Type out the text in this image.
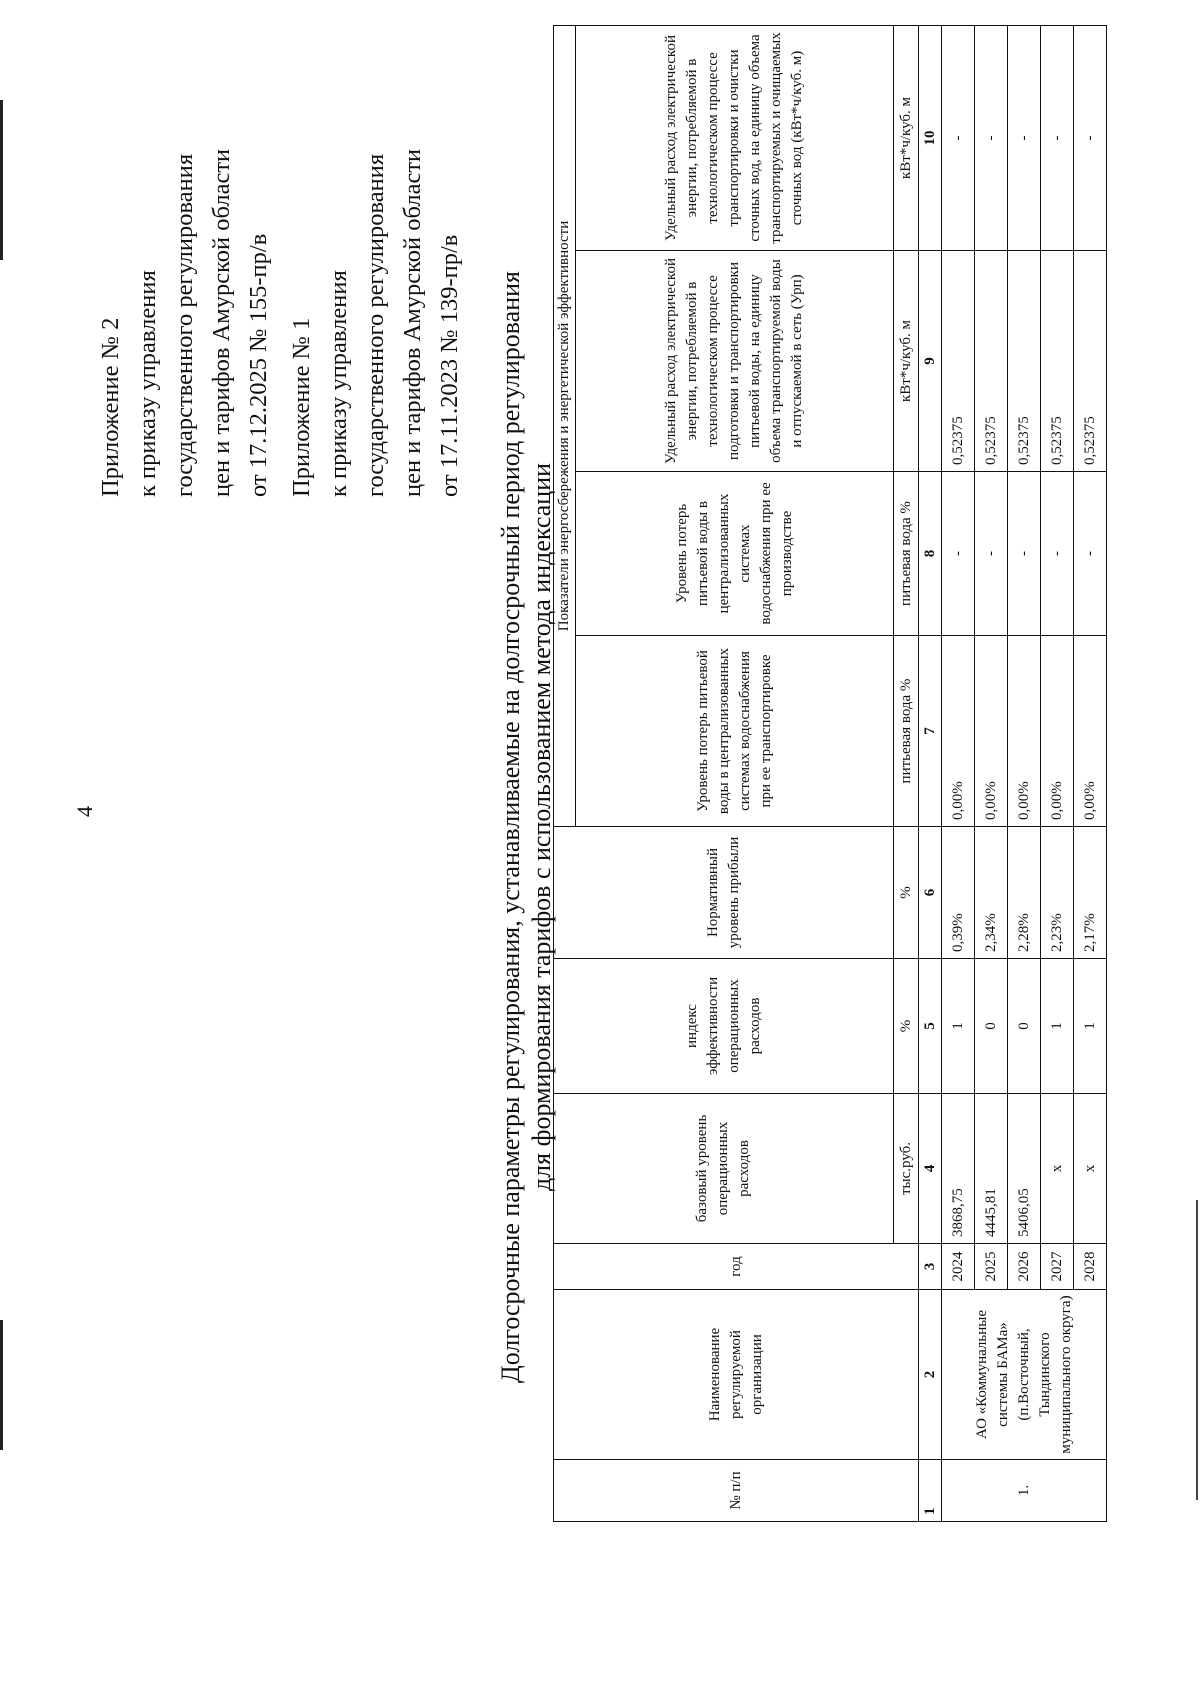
4
Приложение № 2 к приказу управления государственного регулирования цен и тарифов Амурской области от 17.12.2025 № 155-пр/в Приложение № 1 к приказу управления государственного регулирования цен и тарифов Амурской области от 17.11.2023 № 139-пр/в Долгосрочные параметры регулирования, устанавливаемые на долгосрочный период регулирования для формирования тарифов с использованием метода индексации
№ п/п	Наименование регулируемой организации	год	базовый уровень операционных расходов	индекс эффективности операционных расходов	Нормативный уровень прибыли	Показатели энергосбережения и энергетической эффективности			
						Уровень потерь питьевой воды в централизованных системах водоснабжения при ее транспортировке	Уровень потерь питьевой воды в централизованных системах водоснабжения при ее производстве	Удельный расход электрической энергии, потребляемой в технологическом процессе подготовки и транспортировки питьевой воды, на единицу объема транспортируемой воды и отпускаемой в сеть (Урп)	Удельный расход электрической энергии, потребляемой в технологическом процессе транспортировки и очистки сточных вод, на единицу объема транспортируемых и очищаемых сточных вод (кВт*ч/куб. м)
			тыс.руб.	%	%	питьевая вода %	питьевая вода %	кВт*ч/куб. м	кВт*ч/куб. м
1	2	3	4	5	6	7	8	9	10
1.	АО «Коммунальные системы БАМа» (п.Восточный, Тындинского муниципального округа)	2024	3868,75	1	0,39%	0,00%	-	0,52375	-
		2025	4445,81	0	2,34%	0,00%	-	0,52375	-
		2026	5406,05	0	2,28%	0,00%	-	0,52375	-
		2027	x	1	2,23%	0,00%	-	0,52375	-
		2028	x	1	2,17%	0,00%	-	0,52375	-
